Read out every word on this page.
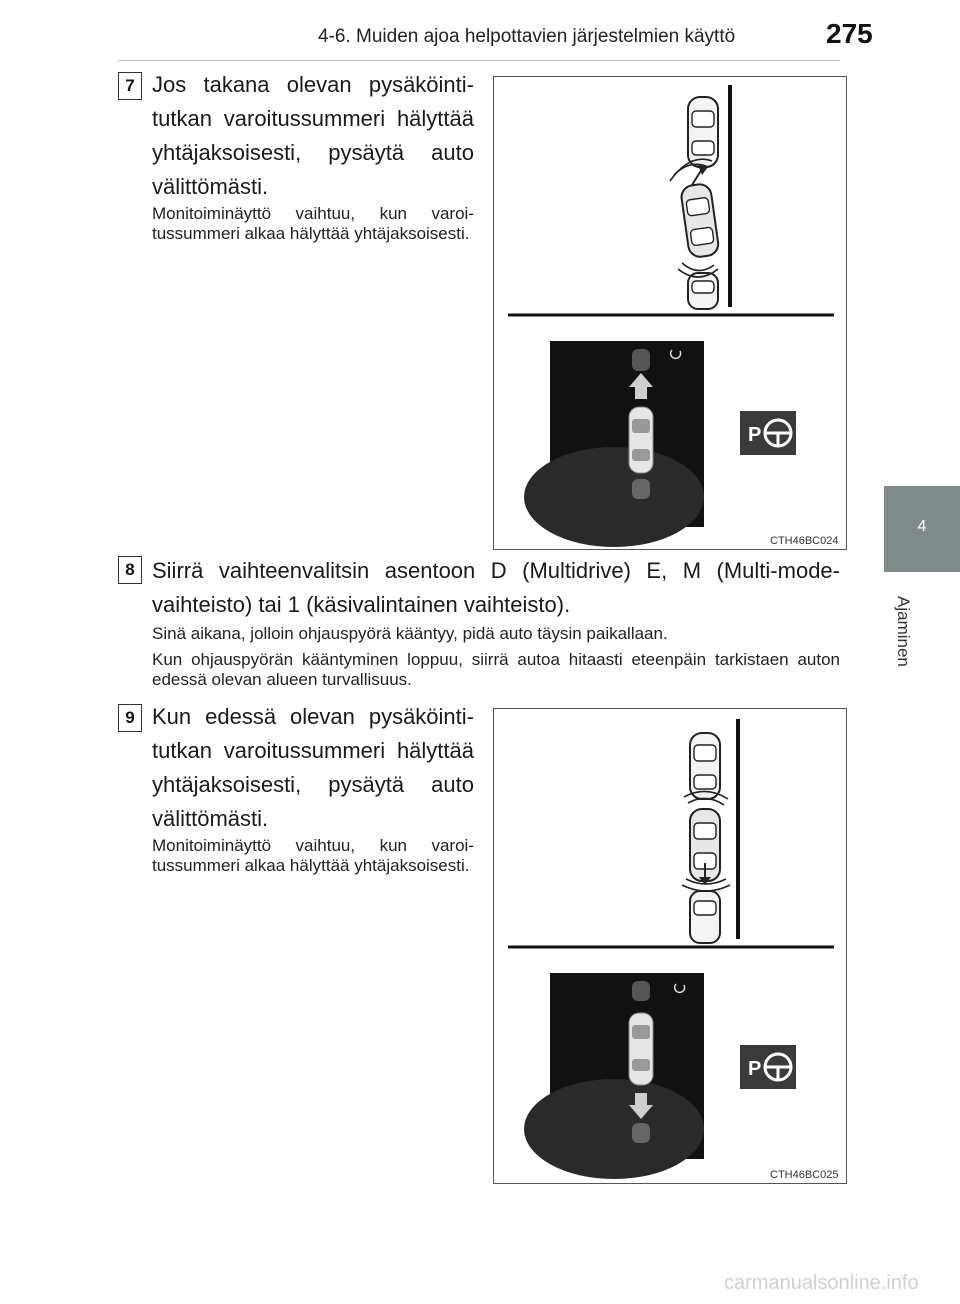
4-6. Muiden ajoa helpottavien järjestelmien käyttö	275
4
Ajaminen
7 Jos takana olevan pysäköintitutkan varoitussummeri hälyttää yhtäjaksoisesti, pysäytä auto välittömästi.
Monitoiminäyttö vaihtuu, kun varoitussummeri alkaa hälyttää yhtäjaksoisesti.
P
CTH46BC024
8 Siirrä vaihteenvalitsin asentoon D (Multidrive) E, M (Multi-mode-vaihteisto) tai 1 (käsivalintainen vaihteisto).
Sinä aikana, jolloin ohjauspyörä kääntyy, pidä auto täysin paikallaan.
Kun ohjauspyörän kääntyminen loppuu, siirrä autoa hitaasti eteenpäin tarkistaen auton edessä olevan alueen turvallisuus.
9 Kun edessä olevan pysäköintitutkan varoitussummeri hälyttää yhtäjaksoisesti, pysäytä auto välittömästi.
Monitoiminäyttö vaihtuu, kun varoitussummeri alkaa hälyttää yhtäjaksoisesti.
P
CTH46BC025
carmanualsonline.info
